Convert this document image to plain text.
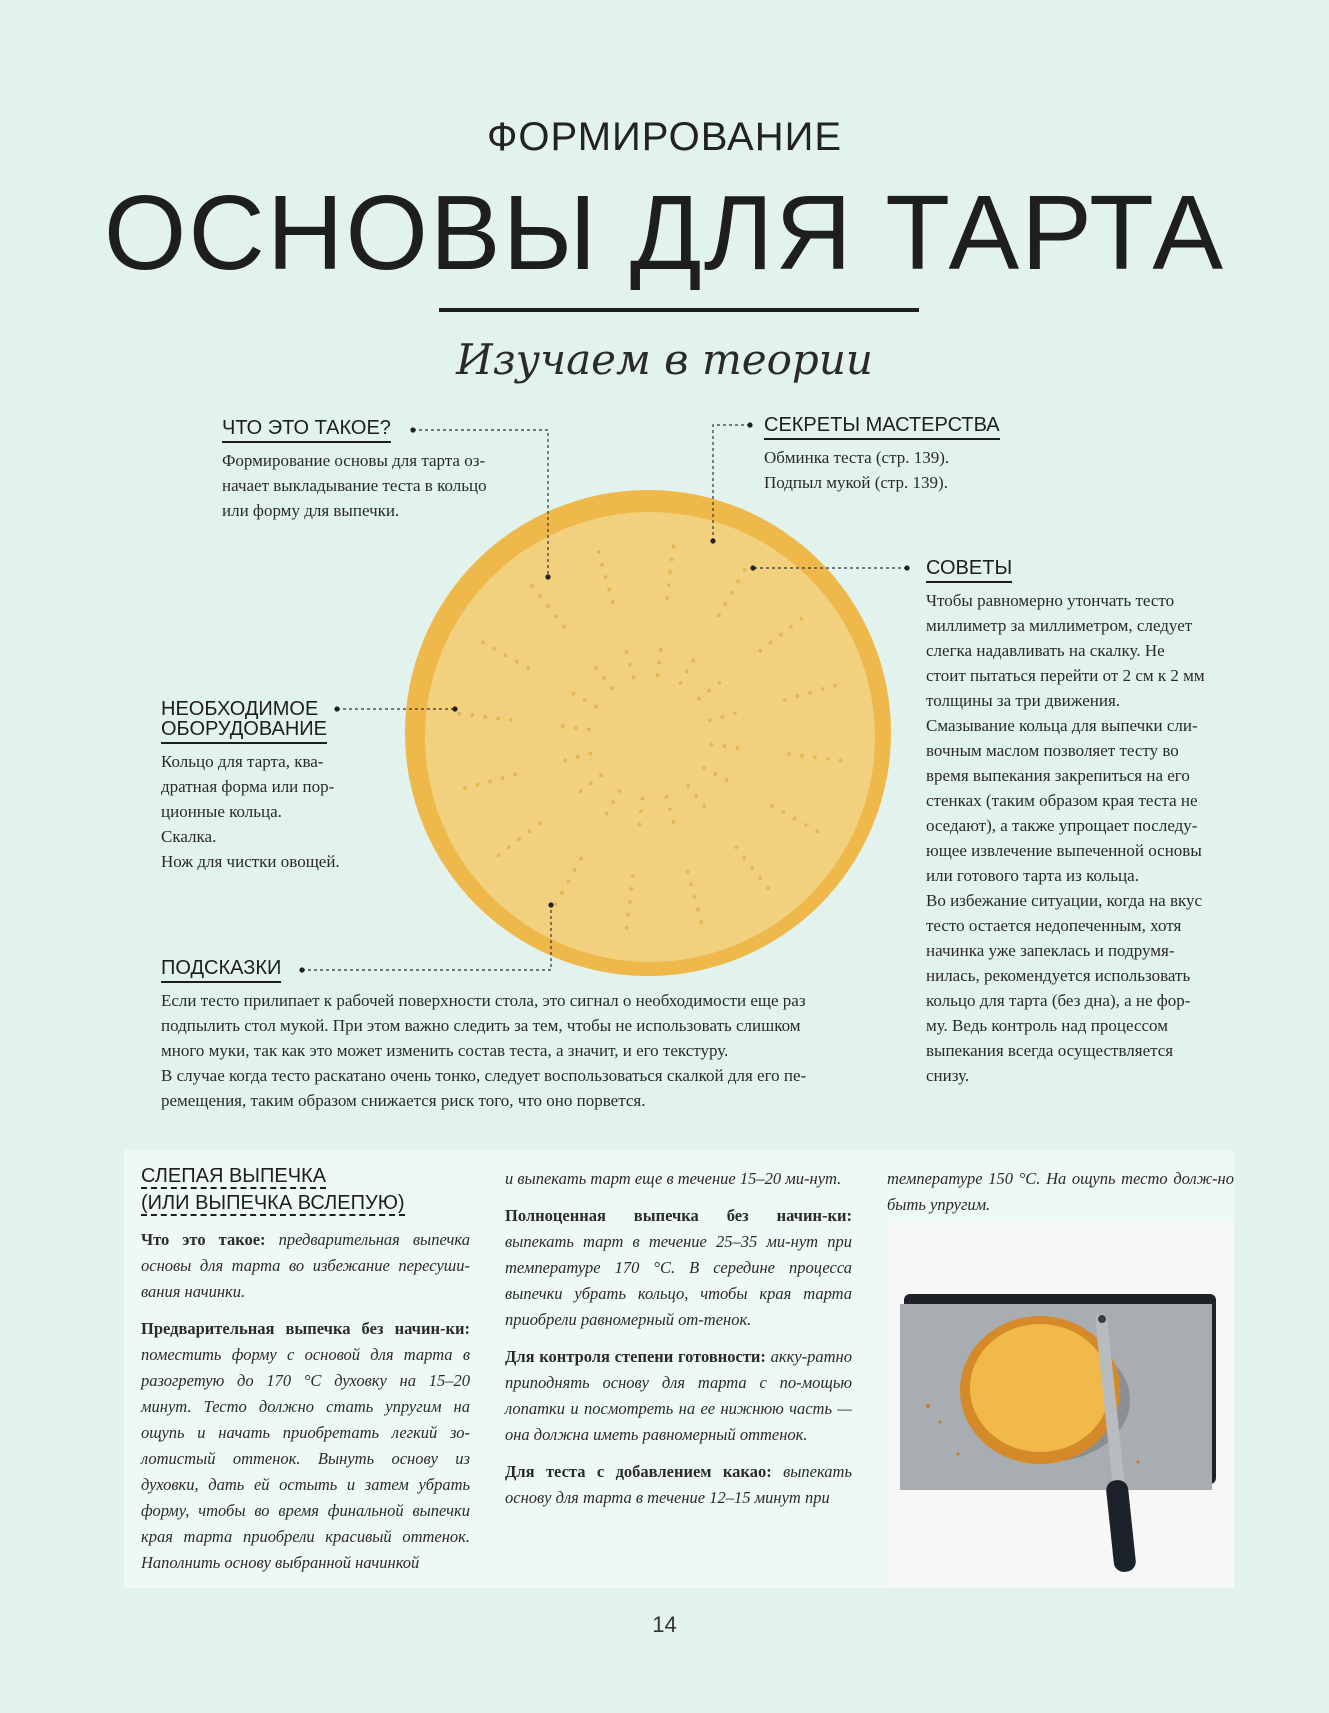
ФОРМИРОВАНИЕ
ОСНОВЫ ДЛЯ ТАРТА
Изучаем в теории
ЧТО ЭТО ТАКОЕ?
Формирование основы для тарта оз-
начает выкладывание теста в кольцо
или форму для выпечки.
СЕКРЕТЫ МАСТЕРСТВА
Обминка теста (стр. 139).
Подпыл мукой (стр. 139).
СОВЕТЫ
Чтобы равномерно утончать тесто
миллиметр за миллиметром, следует
слегка надавливать на скалку. Не
стоит пытаться перейти от 2 см к 2 мм
толщины за три движения.
Смазывание кольца для выпечки сли-
вочным маслом позволяет тесту во
время выпекания закрепиться на его
стенках (таким образом края теста не
оседают), а также упрощает последу-
ющее извлечение выпеченной основы
или готового тарта из кольца.
Во избежание ситуации, когда на вкус
тесто остается недопеченным, хотя
начинка уже запеклась и подрумя-
нилась, рекомендуется использовать
кольцо для тарта (без дна), а не фор-
му. Ведь контроль над процессом
выпекания всегда осуществляется
снизу.
НЕОБХОДИМОЕ
ОБОРУДОВАНИЕ
Кольцо для тарта, ква-
дратная форма или пор-
ционные кольца.
Скалка.
Нож для чистки овощей.
ПОДСКАЗКИ
Если тесто прилипает к рабочей поверхности стола, это сигнал о необходимости еще раз
подпылить стол мукой. При этом важно следить за тем, чтобы не использовать слишком
много муки, так как это может изменить состав теста, а значит, и его текстуру.
В случае когда тесто раскатано очень тонко, следует воспользоваться скалкой для его пе-
ремещения, таким образом снижается риск того, что оно порвется.
СЛЕПАЯ ВЫПЕЧКА
(ИЛИ ВЫПЕЧКА ВСЛЕПУЮ)

Что это такое: предварительная выпечка основы для тарта во избежание пересуши-вания начинки.

Предварительная выпечка без начин-ки: поместить форму с основой для тарта в разогретую до 170 °С духовку на 15–20 минут. Тесто должно стать упругим на ощупь и начать приобретать легкий зо-лотистый оттенок. Вынуть основу из духовки, дать ей остыть и затем убрать форму, чтобы во время финальной выпечки края тарта приобрели красивый оттенок. Наполнить основу выбранной начинкой

и выпекать тарт еще в течение 15–20 ми-нут.

Полноценная выпечка без начин-ки: выпекать тарт в течение 25–35 ми-нут при температуре 170 °С. В середине процесса выпечки убрать кольцо, чтобы края тарта приобрели равномерный от-тенок.

Для контроля степени готовности: акку-ратно приподнять основу для тарта с по-мощью лопатки и посмотреть на ее нижнюю часть — она должна иметь равномерный оттенок.

Для теста с добавлением какао: выпекать основу для тарта в течение 12–15 минут при

температуре 150 °С. На ощупь тесто долж-но быть упругим.

14
